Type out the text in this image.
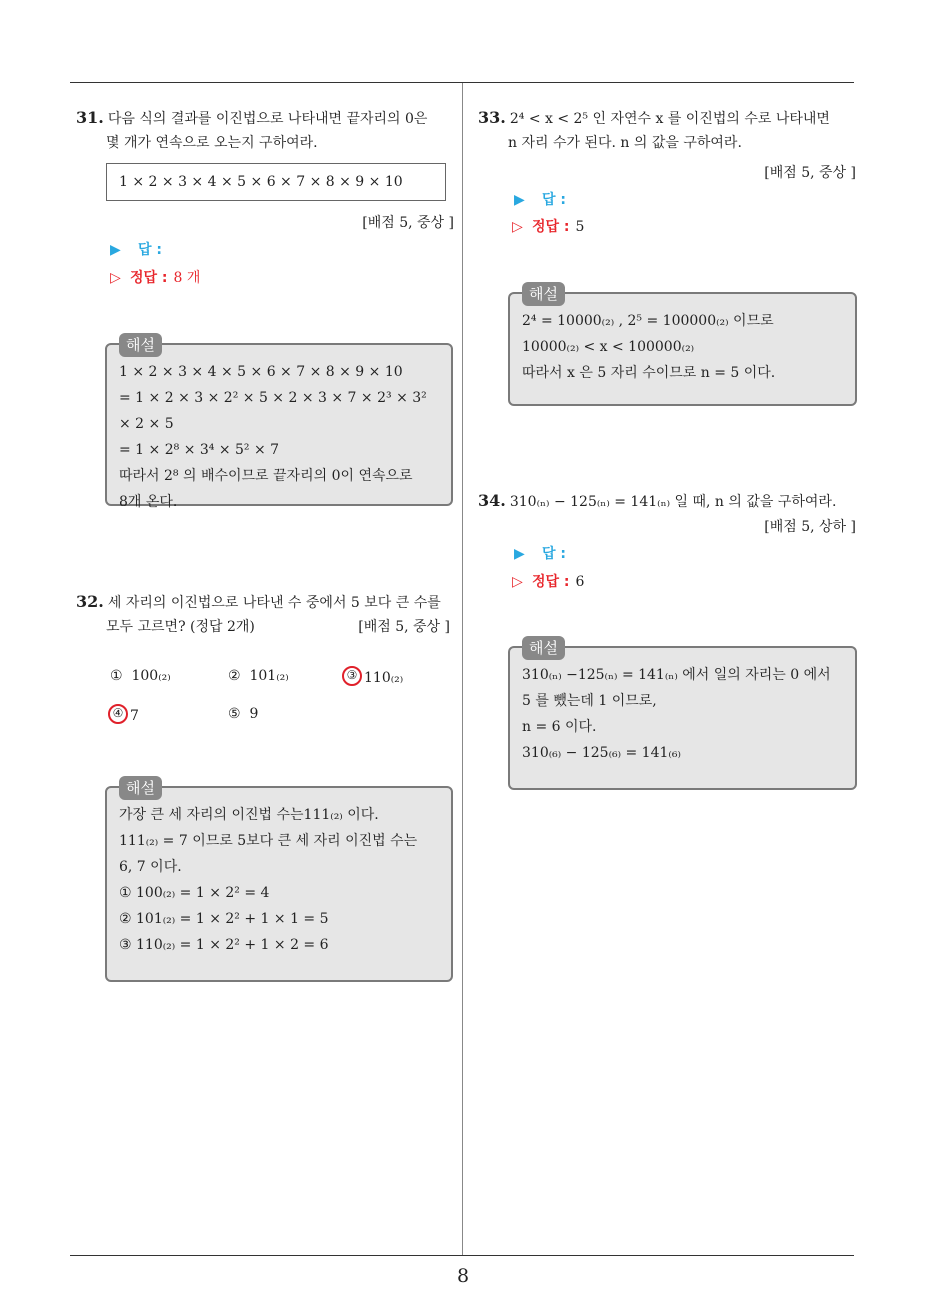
31. 다음 식의 결과를 이진법으로 나타내면 끝자리의 0은
몇 개가 연속으로 오는지 구하여라.
1 × 2 × 3 × 4 × 5 × 6 × 7 × 8 × 9 × 10
[배점 5, 중상 ]
▶ 답 :
▷ 정답 : 8 개
해설
1 × 2 × 3 × 4 × 5 × 6 × 7 × 8 × 9 × 10
= 1 × 2 × 3 × 2² × 5 × 2 × 3 × 7 × 2³ × 3² × 2 × 5
= 1 × 2⁸ × 3⁴ × 5² × 7
따라서 2⁸ 의 배수이므로 끝자리의 0이 연속으로
8개 온다.
32. 세 자리의 이진법으로 나타낸 수 중에서 5 보다 큰 수를
모두 고르면? (정답 2개)	[배점 5, 중상 ]
① 100₍₂₎	② 101₍₂₎	③ 110₍₂₎
④ 7	⑤ 9
해설
가장 큰 세 자리의 이진법 수는111₍₂₎ 이다.
111₍₂₎ = 7 이므로 5보다 큰 세 자리 이진법 수는
6, 7 이다.
① 100₍₂₎ = 1 × 2² = 4
② 101₍₂₎ = 1 × 2² + 1 × 1 = 5
③ 110₍₂₎ = 1 × 2² + 1 × 2 = 6
33. 2⁴ < x < 2⁵ 인 자연수 x 를 이진법의 수로 나타내면
n 자리 수가 된다. n 의 값을 구하여라.
[배점 5, 중상 ]
▶ 답 :
▷ 정답 : 5
해설
2⁴ = 10000₍₂₎ , 2⁵ = 100000₍₂₎ 이므로
10000₍₂₎ < x < 100000₍₂₎
따라서 x 은 5 자리 수이므로 n = 5 이다.
34. 310₍ₙ₎ − 125₍ₙ₎ = 141₍ₙ₎ 일 때, n 의 값을 구하여라.
[배점 5, 상하 ]
▶ 답 :
▷ 정답 : 6
해설
310₍ₙ₎ −125₍ₙ₎ = 141₍ₙ₎ 에서 일의 자리는 0 에서
5 를 뺐는데 1 이므로,
n = 6 이다.
310₍₆₎ − 125₍₆₎ = 141₍₆₎
8
